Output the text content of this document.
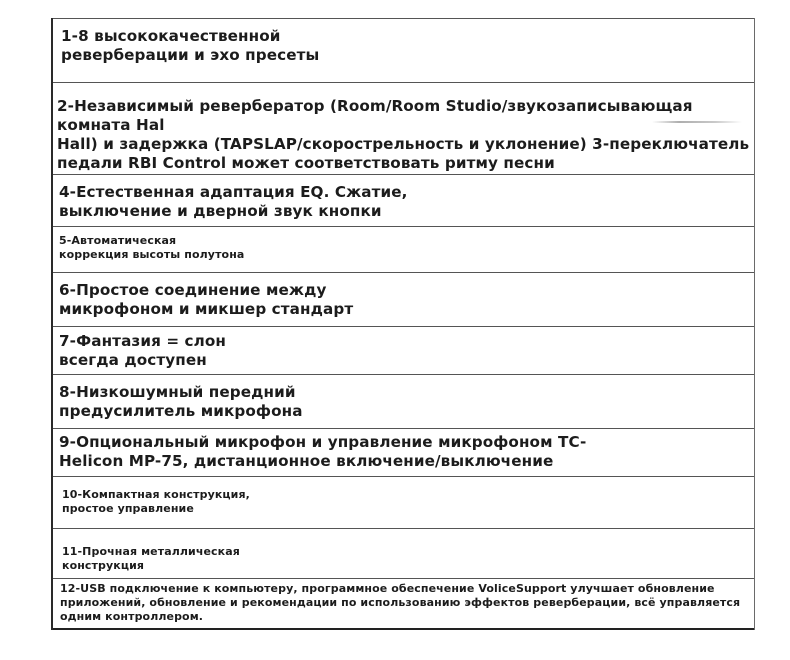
1-8 высококачественной
реверберации и эхо пресеты
2-Независимый реверберaтор (Room/Room Studio/звукозаписывающая комната Hal
Hall) и задержка (TAPSLAP/скорострельность и уклонение) 3-переключатель
педали RBI Control может соответствовать ритму песни
4-Естественная адаптация EQ. Сжатие,
выключение и дверной звук кнопки
5-Автоматическая
коррекция высоты полутона
6-Простое соединение между
микрофоном и микшер стандарт
7-Фантазия = слон
всегда доступен
8-Низкошумный передний
предусилитель микрофона
9-Опциональный микрофон и управление микрофоном TC-
Helicon MP-75, дистанционное включение/выключение
10-Компактная конструкция,
простое управление
11-Прочная металлическая
конструкция
12-USB подключение к компьютеру, программное обеспечение VoliceSupport улучшает обновление
приложений, обновление и рекомендации по использованию эффектов реверберации, всё управляется
одним контроллером.
